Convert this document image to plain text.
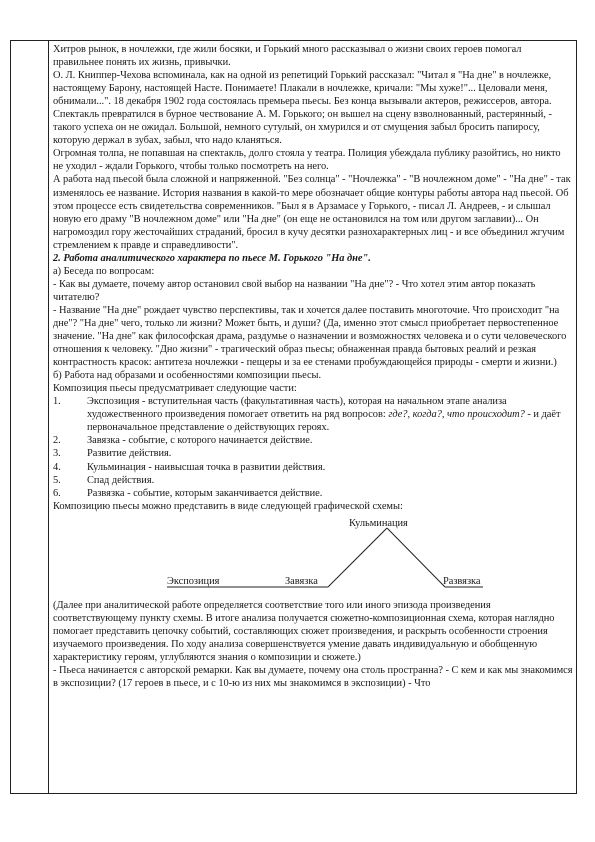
Хитров рынок, в ночлежки, где жили босяки, и Горький много рассказывал о жизни своих героев помогал правильнее понять их жизнь, привычки.

О. Л. Книппер-Чехова вспоминала, как на одной из репетиций Горький рассказал: "Читал я "На дне" в ночлежке, настоящему Барону, настоящей Насте. Понимаете! Плакали в ночлежке, кричали: "Мы хуже!"... Целовали меня, обнимали...". 18 декабря 1902 года состоялась премьера пьесы. Без конца вызывали актеров, режиссеров, автора. Спектакль превратился в бурное чествование А. М. Горького; он вышел на сцену взволнованный, растерянный, - такого успеха он не ожидал. Большой, немного сутулый, он хмурился и от смущения забыл бросить папиросу, которую держал в зубах, забыл, что надо кланяться.

Огромная толпа, не попавшая на спектакль, долго стояла у театра. Полиция убеждала публику разойтись, но никто не уходил - ждали Горького, чтобы только посмотреть на него.

А работа над пьесой была сложной и напряженной. "Без солнца" - "Ночлежка" - "В ночлежном доме" - "На дне" - так изменялось ее название. История названия в какой-то мере обозначает общие контуры работы автора над пьесой. Об этом процессе есть свидетельства современников. "Был я в Арзамасе у Горького, - писал Л. Андреев, - и слышал новую его драму "В ночлежном доме" или "На дне" (он еще не остановился на том или другом заглавии)... Он нагромоздил гору жесточайших страданий, бросил в кучу десятки разнохарактерных лиц - и все объединил жгучим стремлением к правде и справедливости".

2. Работа аналитического характера по пьесе М. Горького "На дне".

а) Беседа по вопросам:

- Как вы думаете, почему автор остановил свой выбор на названии "На дне"? - Что хотел этим автор показать читателю?

- Название "На дне" рождает чувство перспективы, так и хочется далее поставить многоточие. Что происходит "на дне"? "На дне" чего, только ли жизни? Может быть, и души? (Да, именно этот смысл приобретает первостепенное значение. "На дне" как философская драма, раздумье о назначении и возможностях человека и о сути человеческого отношения к человеку. "Дно жизни" - трагический образ пьесы; обнаженная правда бытовых реалий и резкая контрастность красок: антитеза ночлежки - пещеры и за ее стенами пробуждающейся природы - смерти и жизни.)

б) Работа над образами и особенностями композиции пьесы.

Композиция пьесы предусматривает следующие части:

1.	Экспозиция - вступительная часть (факультативная часть), которая на начальном этапе анализа художественного произведения помогает ответить на ряд вопросов: где?, когда?, что происходит? - и даёт первоначальное представление о действующих героях.
2.	Завязка - событие, с которого начинается действие.
3.	Развитие действия.
4.	Кульминация - наивысшая точка в развитии действия.
5.	Спад действия.
6.	Развязка - событие, которым заканчивается действие.

Композицию пьесы можно представить в виде следующей графической схемы:

Кульминация
Экспозиция	Завязка	Развязка

(Далее при аналитической работе определяется соответствие того или иного эпизода произведения соответствующему пункту схемы. В итоге анализа получается сюжетно-композиционная схема, которая наглядно помогает представить цепочку событий, составляющих сюжет произведения, и раскрыть особенности строения изучаемого произведения. По ходу анализа совершенствуется умение давать индивидуальную и обобщенную характеристику героям, углубляются знания о композиции и сюжете.)

- Пьеса начинается с авторской ремарки. Как вы думаете, почему она столь пространна? - С кем и как мы знакомимся в экспозиции? (17 героев в пьесе, и с 10-ю из них мы знакомимся в экспозиции) - Что
